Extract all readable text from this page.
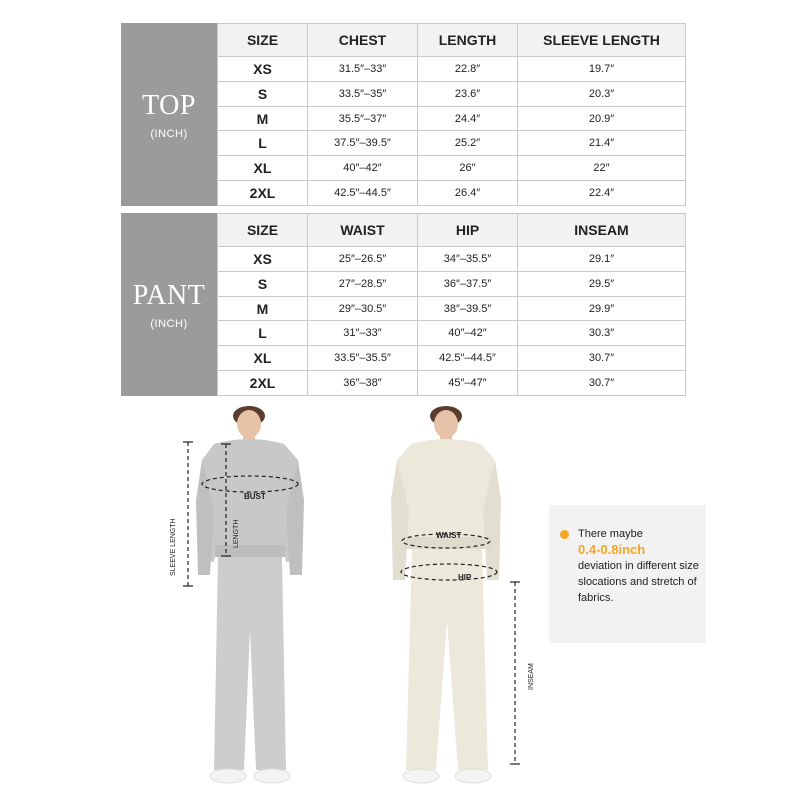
TOP
(INCH)
SIZE	CHEST	LENGTH	SLEEVE LENGTH
XS	31.5″–33″	22.8″	19.7″
S	33.5″–35″	23.6″	20.3″
M	35.5″–37″	24.4″	20.9″
L	37.5″–39.5″	25.2″	21.4″
XL	40″–42″	26″	22″
2XL	42.5″–44.5″	26.4″	22.4″
PANT
(INCH)
SIZE	WAIST	HIP	INSEAM
XS	25″–26.5″	34″–35.5″	29.1″
S	27″–28.5″	36″–37.5″	29.5″
M	29″–30.5″	38″–39.5″	29.9″
L	31″–33″	40″–42″	30.3″
XL	33.5″–35.5″	42.5″–44.5″	30.7″
2XL	36″–38″	45″–47″	30.7″
BUST
LENGTH
SLEEVE LENGTH	WAIST
HIP
INSEAM
There maybe
0.4-0.8inch
deviation in different size slocations and stretch of fabrics.
